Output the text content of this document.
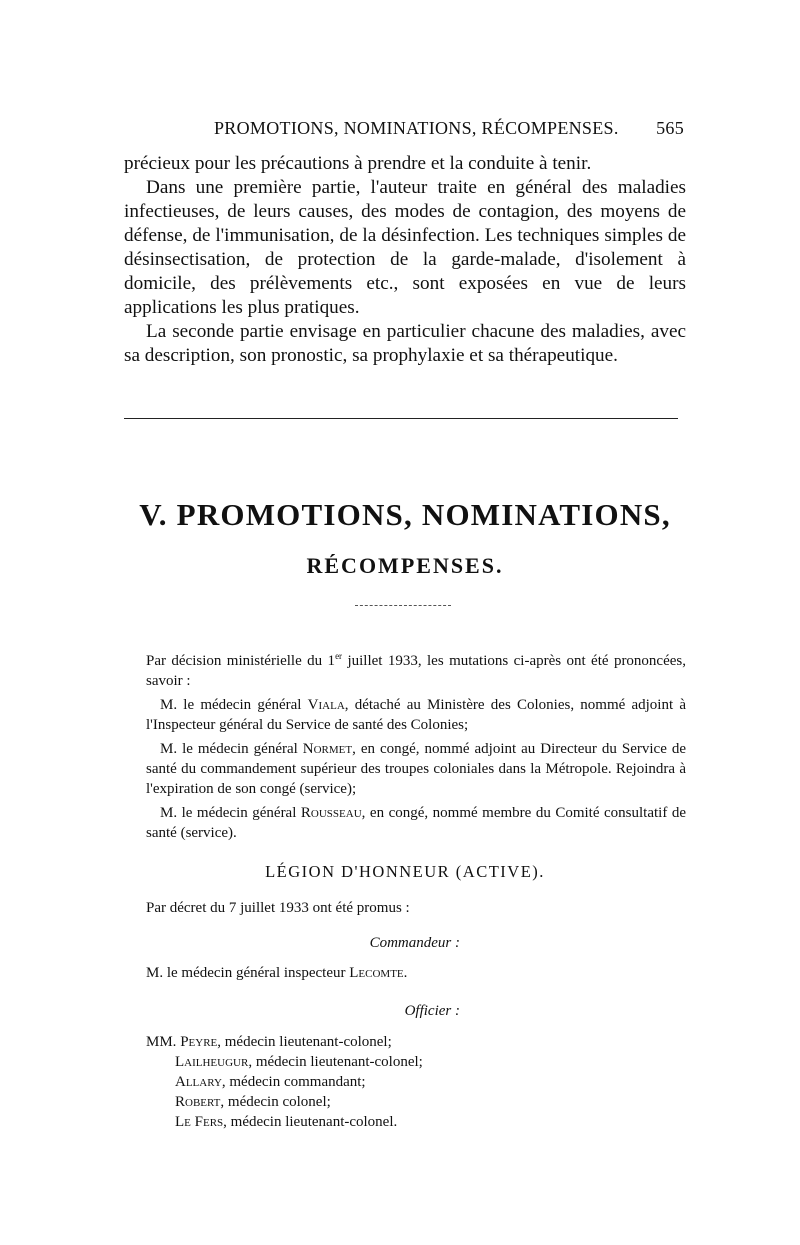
PROMOTIONS, NOMINATIONS, RÉCOMPENSES. 565

précieux pour les précautions à prendre et la conduite à tenir.

Dans une première partie, l'auteur traite en général des maladies infectieuses, de leurs causes, des modes de contagion, des moyens de défense, de l'immunisation, de la désinfection. Les techniques simples de désinsectisation, de protection de la garde-malade, d'isolement à domicile, des prélèvements etc., sont exposées en vue de leurs applications les plus pratiques.

La seconde partie envisage en particulier chacune des maladies, avec sa description, son pronostic, sa prophylaxie et sa thérapeutique.

V. PROMOTIONS, NOMINATIONS,
RÉCOMPENSES.

Par décision ministérielle du 1er juillet 1933, les mutations ci-après ont été prononcées, savoir :

M. le médecin général Viala, détaché au Ministère des Colonies, nommé adjoint à l'Inspecteur général du Service de santé des Colonies;

M. le médecin général Normet, en congé, nommé adjoint au Directeur du Service de santé du commandement supérieur des troupes coloniales dans la Métropole. Rejoindra à l'expiration de son congé (service);

M. le médecin général Rousseau, en congé, nommé membre du Comité consultatif de santé (service).

LÉGION D'HONNEUR (ACTIVE).
Par décret du 7 juillet 1933 ont été promus :
Commandeur :
M. le médecin général inspecteur Lecomte.
Officier :
MM. Peyre, médecin lieutenant-colonel;
Lailheugur, médecin lieutenant-colonel;
Allary, médecin commandant;
Robert, médecin colonel;
Le Fers, médecin lieutenant-colonel.
